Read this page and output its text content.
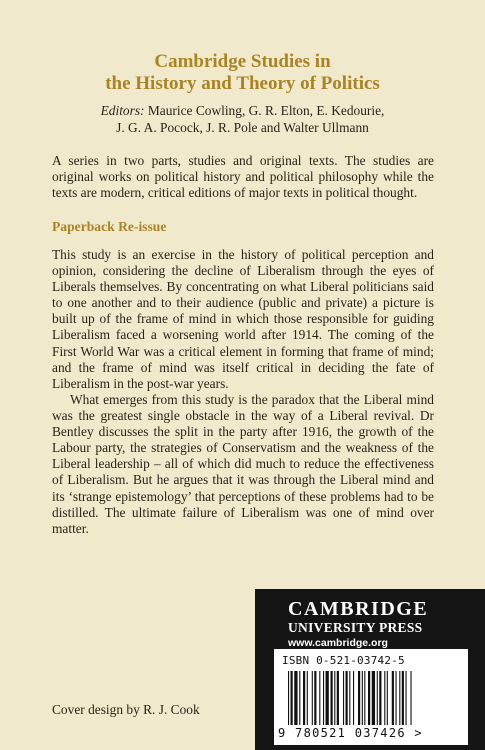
Cambridge Studies in
the History and Theory of Politics
Editors: Maurice Cowling, G. R. Elton, E. Kedourie,
J. G. A. Pocock, J. R. Pole and Walter Ullmann
A series in two parts, studies and original texts. The studies are
original works on political history and political philosophy while the
texts are modern, critical editions of major texts in political thought.
Paperback Re-issue
This study is an exercise in the history of political perception and
opinion, considering the decline of Liberalism through the eyes of
Liberals themselves. By concentrating on what Liberal politicians said
to one another and to their audience (public and private) a picture is
built up of the frame of mind in which those responsible for guiding
Liberalism faced a worsening world after 1914. The coming of the
First World War was a critical element in forming that frame of mind;
and the frame of mind was itself critical in deciding the fate of
Liberalism in the post-war years.
What emerges from this study is the paradox that the Liberal mind
was the greatest single obstacle in the way of a Liberal revival. Dr
Bentley discusses the split in the party after 1916, the growth of the
Labour party, the strategies of Conservatism and the weakness of the
Liberal leadership – all of which did much to reduce the effectiveness
of Liberalism. But he argues that it was through the Liberal mind and
its ‘strange epistemology’ that perceptions of these problems had to be
distilled. The ultimate failure of Liberalism was one of mind over
matter.
Cover design by R. J. Cook
CAMBRIDGE
UNIVERSITY PRESS
www.cambridge.org
ISBN 0-521-03742-5
9 780521 037426 >
